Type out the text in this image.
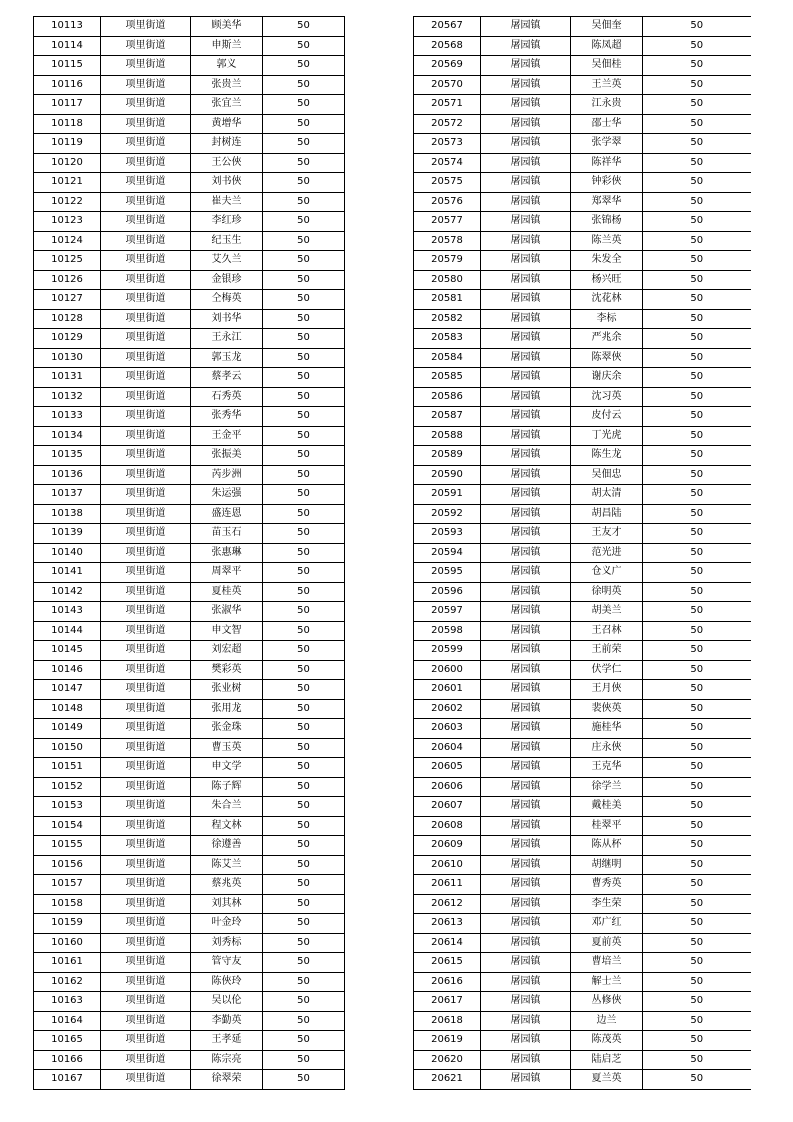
10113	项里街道	顾美华	50
10114	项里街道	申斯兰	50
10115	项里街道	郭义	50
10116	项里街道	张贵兰	50
10117	项里街道	张宜兰	50
10118	项里街道	黄增华	50
10119	项里街道	封树连	50
10120	项里街道	王公俠	50
10121	项里街道	刘书俠	50
10122	项里街道	崔夫兰	50
10123	项里街道	李红珍	50
10124	项里街道	纪玉生	50
10125	项里街道	艾久兰	50
10126	项里街道	金银珍	50
10127	项里街道	仝梅英	50
10128	项里街道	刘书华	50
10129	项里街道	王永江	50
10130	项里街道	郭玉龙	50
10131	项里街道	蔡孝云	50
10132	项里街道	石秀英	50
10133	项里街道	张秀华	50
10134	项里街道	王金平	50
10135	项里街道	张振美	50
10136	项里街道	芮步洲	50
10137	项里街道	朱运强	50
10138	项里街道	盛连恩	50
10139	项里街道	苗玉石	50
10140	项里街道	张惠琳	50
10141	项里街道	周翠平	50
10142	项里街道	夏桂英	50
10143	项里街道	张淑华	50
10144	项里街道	申文智	50
10145	项里街道	刘宏超	50
10146	项里街道	樊彩英	50
10147	项里街道	张业树	50
10148	项里街道	张用龙	50
10149	项里街道	张金珠	50
10150	项里街道	曹玉英	50
10151	项里街道	申文学	50
10152	项里街道	陈子辉	50
10153	项里街道	朱合兰	50
10154	项里街道	程文林	50
10155	项里街道	徐遵善	50
10156	项里街道	陈艾兰	50
10157	项里街道	蔡兆英	50
10158	项里街道	刘其林	50
10159	项里街道	叶金玲	50
10160	项里街道	刘秀标	50
10161	项里街道	管守友	50
10162	项里街道	陈俠玲	50
10163	项里街道	吴以伦	50
10164	项里街道	李勤英	50
10165	项里街道	王孝延	50
10166	项里街道	陈宗亮	50
10167	项里街道	徐翠荣	50
20567	屠园镇	吴佃奎	50
20568	屠园镇	陈凤超	50
20569	屠园镇	吴佃桂	50
20570	屠园镇	王兰英	50
20571	屠园镇	江永贵	50
20572	屠园镇	邵士华	50
20573	屠园镇	张学翠	50
20574	屠园镇	陈祥华	50
20575	屠园镇	钟彩俠	50
20576	屠园镇	郑翠华	50
20577	屠园镇	张锦杨	50
20578	屠园镇	陈兰英	50
20579	屠园镇	朱发全	50
20580	屠园镇	杨兴旺	50
20581	屠园镇	沈花林	50
20582	屠园镇	李标	50
20583	屠园镇	严兆余	50
20584	屠园镇	陈翠俠	50
20585	屠园镇	谢庆余	50
20586	屠园镇	沈习英	50
20587	屠园镇	皮付云	50
20588	屠园镇	丁光虎	50
20589	屠园镇	陈生龙	50
20590	屠园镇	吴佃忠	50
20591	屠园镇	胡太清	50
20592	屠园镇	胡昌陆	50
20593	屠园镇	王友才	50
20594	屠园镇	范光进	50
20595	屠园镇	仓义广	50
20596	屠园镇	徐明英	50
20597	屠园镇	胡美兰	50
20598	屠园镇	王召林	50
20599	屠园镇	王前荣	50
20600	屠园镇	伏学仁	50
20601	屠园镇	王月俠	50
20602	屠园镇	裴俠英	50
20603	屠园镇	施桂华	50
20604	屠园镇	庄永俠	50
20605	屠园镇	王克华	50
20606	屠园镇	徐学兰	50
20607	屠园镇	戴桂美	50
20608	屠园镇	桂翠平	50
20609	屠园镇	陈从杯	50
20610	屠园镇	胡继明	50
20611	屠园镇	曹秀英	50
20612	屠园镇	李生荣	50
20613	屠园镇	邓广红	50
20614	屠园镇	夏前英	50
20615	屠园镇	曹培兰	50
20616	屠园镇	解士兰	50
20617	屠园镇	丛修俠	50
20618	屠园镇	边兰	50
20619	屠园镇	陈茂英	50
20620	屠园镇	陆启芝	50
20621	屠园镇	夏兰英	50
